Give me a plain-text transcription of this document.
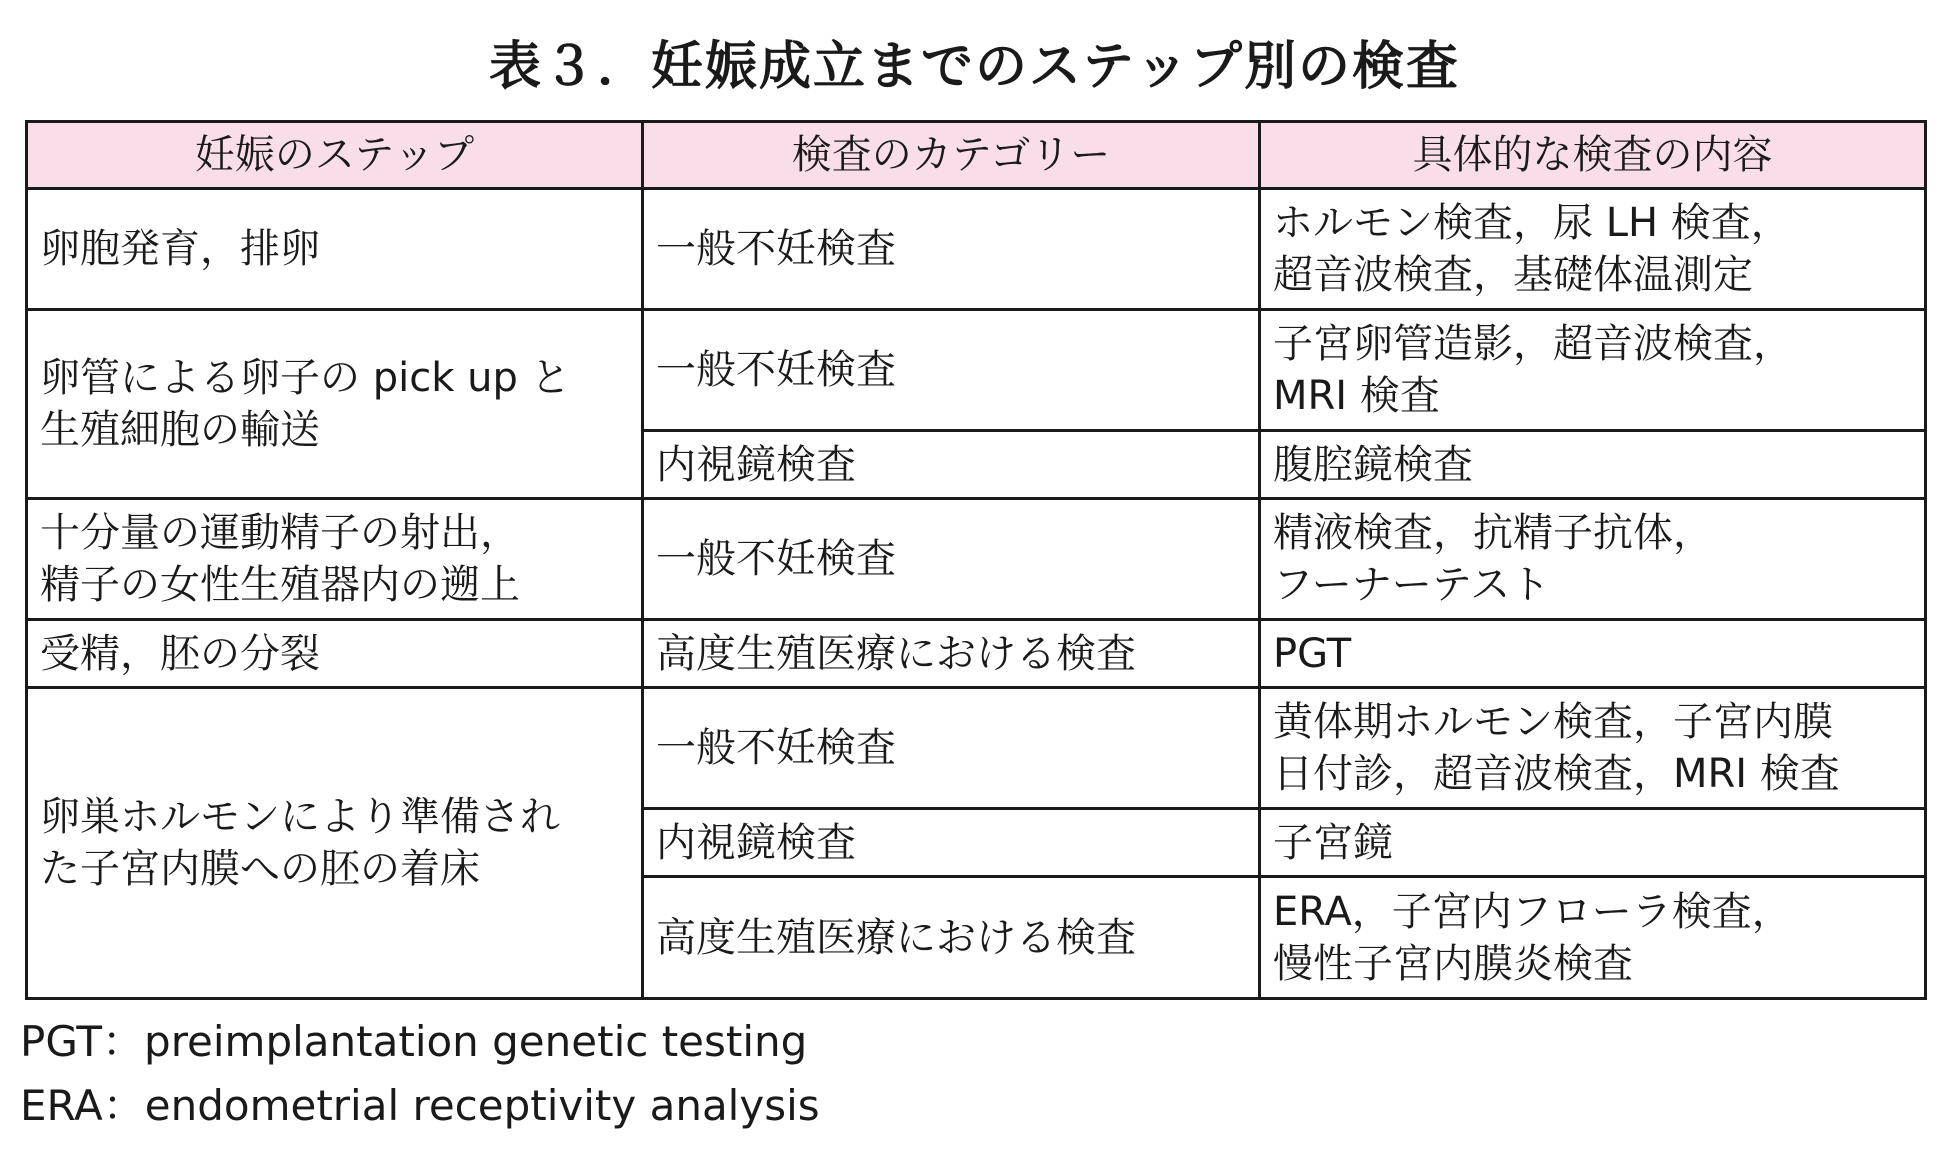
表３．妊娠成立までのステップ別の検査
妊娠のステップ	検査のカテゴリー	具体的な検査の内容

卵胞発育，排卵	一般不妊検査	ホルモン検査，尿 LH 検査，
超音波検査，基礎体温測定

卵管による卵子の pick up と
生殖細胞の輸送	一般不妊検査	子宮卵管造影，超音波検査，
MRI 検査

	内視鏡検査	腹腔鏡検査

十分量の運動精子の射出，
精子の女性生殖器内の遡上	一般不妊検査	精液検査，抗精子抗体，
フーナーテスト

受精，胚の分裂	高度生殖医療における検査	PGT

卵巣ホルモンにより準備され
た子宮内膜への胚の着床	一般不妊検査	黄体期ホルモン検査，子宮内膜
日付診，超音波検査，MRI 検査

	内視鏡検査	子宮鏡

	高度生殖医療における検査	ERA，子宮内フローラ検査，
慢性子宮内膜炎検査
PGT：preimplantation genetic testing
ERA：endometrial receptivity analysis
